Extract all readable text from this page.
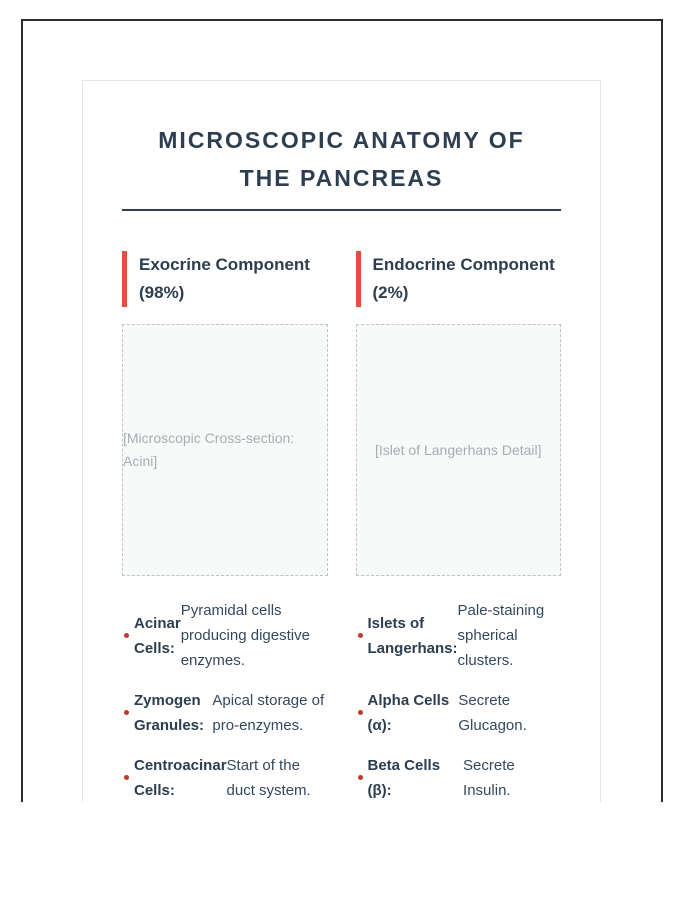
MICROSCOPIC ANATOMY OF
THE PANCREAS
Exocrine Component (98%)
[Microscopic Cross-section: Acini]
Acinar Cells:
Pyramidal cells producing digestive enzymes.
Zymogen Granules:
Apical storage of pro-enzymes.
Centroacinar Cells:
Start of the duct system.
Endocrine Component (2%)
[Islet of Langerhans Detail]
Islets of Langerhans:
Pale-staining spherical clusters.
Alpha Cells (α):
Secrete Glucagon.
Beta Cells (β):
Secrete Insulin.
